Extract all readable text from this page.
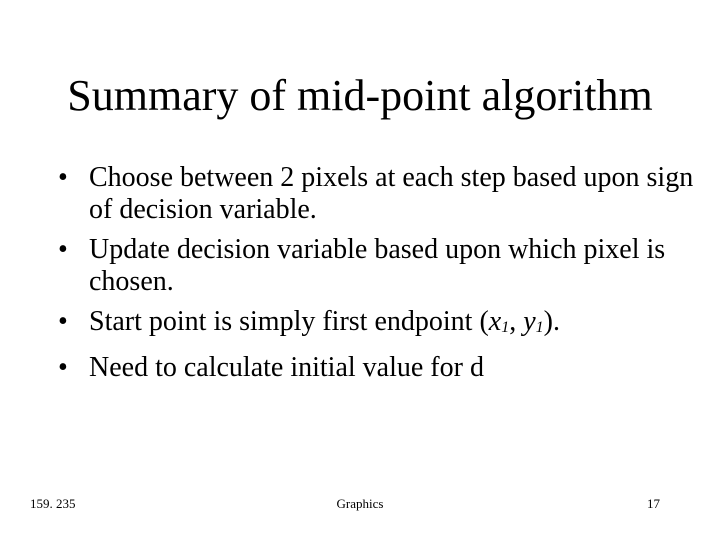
Summary of mid-point algorithm
• Choose between 2 pixels at each step based upon sign of decision variable.
• Update decision variable based upon which pixel is chosen.
• Start point is simply first endpoint (x1, y1).
• Need to calculate initial value for d
159. 235	Graphics	17
